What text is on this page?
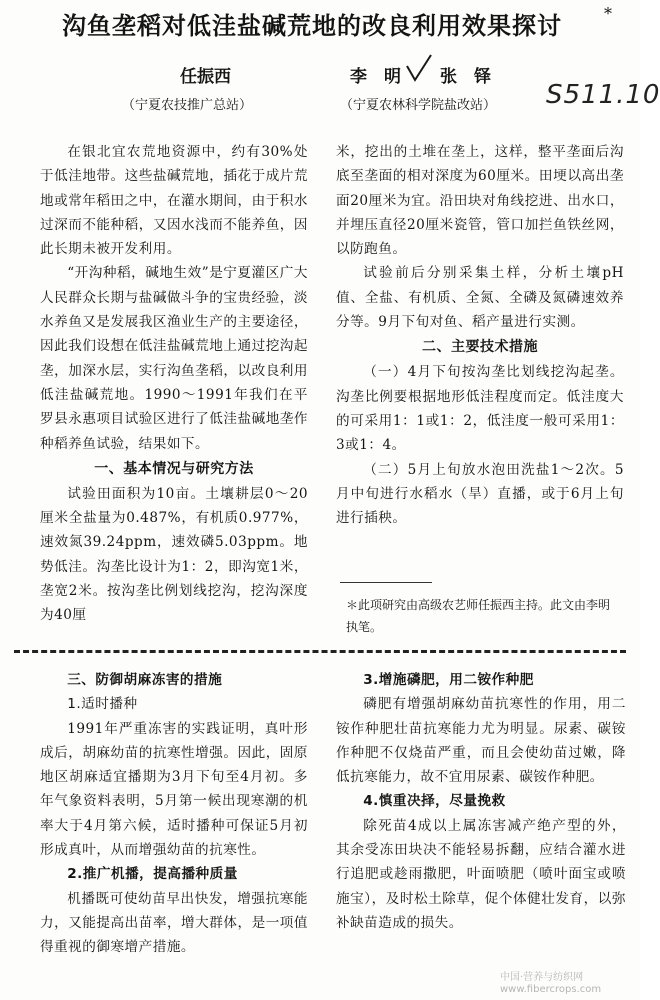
沟鱼垄稻对低洼盐碱荒地的改良利用效果探讨	*
任振西	李　明 张　铎
（宁夏农技推广总站）	（宁夏农林科学院盐改站） S511.10

在银北宜农荒地资源中，约有30%处于低洼地带。这些盐碱荒地，插花于成片荒地或常年稻田之中，在灌水期间，由于积水过深而不能种稻，又因水浅而不能养鱼，因此长期未被开发利用。

“开沟种稻，碱地生效”是宁夏灌区广大人民群众长期与盐碱做斗争的宝贵经验，淡水养鱼又是发展我区渔业生产的主要途径，因此我们设想在低洼盐碱荒地上通过挖沟起垄，加深水层，实行沟鱼垄稻，以改良利用低洼盐碱荒地。1990～1991年我们在平罗县永惠项目试验区进行了低洼盐碱地垄作种稻养鱼试验，结果如下。

一、基本情况与研究方法

试验田面积为10亩。土壤耕层0～20厘米全盐量为0.487%，有机质0.977%，速效氮39.24ppm，速效磷5.03ppm。地势低洼。沟垄比设计为1：2，即沟宽1米，垄宽2米。按沟垄比例划线挖沟，挖沟深度为40厘

米，挖出的土堆在垄上，这样，整平垄面后沟底至垄面的相对深度为60厘米。田埂以高出垄面20厘米为宜。沿田块对角线挖进、出水口，并埋压直径20厘米瓷管，管口加拦鱼铁丝网，以防跑鱼。

试验前后分别采集土样，分析土壤pH值、全盐、有机质、全氮、全磷及氮磷速效养分等。9月下旬对鱼、稻产量进行实测。

二、主要技术措施

（一）4月下旬按沟垄比划线挖沟起垄。沟垄比例要根据地形低洼程度而定。低洼度大的可采用1：1或1：2，低洼度一般可采用1：3或1：4。

（二）5月上旬放水泡田洗盐1～2次。5月中旬进行水稻水（旱）直播，或于6月上旬进行插秧。

＊此项研究由高级农艺师任振西主持。此文由李明执笔。
三、防御胡麻冻害的措施
1.适时播种

1991年严重冻害的实践证明，真叶形成后，胡麻幼苗的抗寒性增强。因此，固原地区胡麻适宜播期为3月下旬至4月初。多年气象资料表明，5月第一候出现寒潮的机率大于4月第六候，适时播种可保证5月初形成真叶，从而增强幼苗的抗寒性。

2.推广机播，提高播种质量

机播既可使幼苗早出快发，增强抗寒能力，又能提高出苗率，增大群体，是一项值得重视的御寒增产措施。

3.增施磷肥，用二铵作种肥

磷肥有增强胡麻幼苗抗寒性的作用，用二铵作种肥壮苗抗寒能力尤为明显。尿素、碳铵作种肥不仅烧苗严重，而且会使幼苗过嫩，降低抗寒能力，故不宜用尿素、碳铵作种肥。

4.慎重决择，尽量挽救

除死苗4成以上属冻害减产绝产型的外，其余受冻田块决不能轻易拆翻，应结合灌水进行追肥或趁雨撒肥，叶面喷肥（喷叶面宝或喷施宝），及时松土除草，促个体健壮发育，以弥补缺苗造成的损失。

中国·营养与纺织网
www.fibercrops.com
